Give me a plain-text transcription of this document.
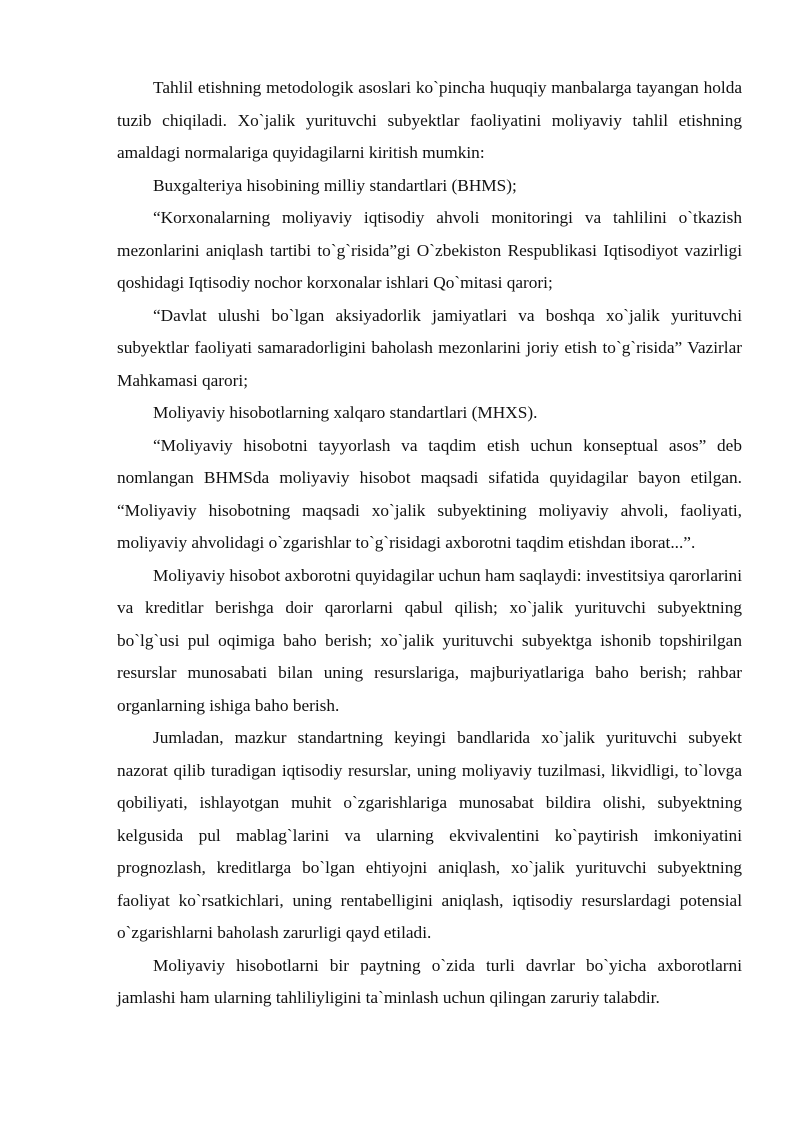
Tahlil etishning metodologik asoslari ko`pincha huquqiy manbalarga tayangan holda tuzib chiqiladi. Xo`jalik yurituvchi subyektlar faoliyatini moliyaviy tahlil etishning amaldagi normalariga quyidagilarni kiritish mumkin:

Buxgalteriya hisobining milliy standartlari (BHMS);

“Korxonalarning moliyaviy iqtisodiy ahvoli monitoringi va tahlilini o`tkazish mezonlarini aniqlash tartibi to`g`risida”gi O`zbekiston Respublikasi Iqtisodiyot vazirligi qoshidagi Iqtisodiy nochor korxonalar ishlari Qo`mitasi qarori;

“Davlat ulushi bo`lgan aksiyadorlik jamiyatlari va boshqa xo`jalik yurituvchi subyektlar faoliyati samaradorligini baholash mezonlarini joriy etish to`g`risida” Vazirlar Mahkamasi qarori;

Moliyaviy hisobotlarning xalqaro standartlari (MHXS).

“Moliyaviy hisobotni tayyorlash va taqdim etish uchun konseptual asos” deb nomlangan BHMSda moliyaviy hisobot maqsadi sifatida quyidagilar bayon etilgan. “Moliyaviy hisobotning maqsadi xo`jalik subyektining moliyaviy ahvoli, faoliyati, moliyaviy ahvolidagi o`zgarishlar to`g`risidagi axborotni taqdim etishdan iborat...”.

Moliyaviy hisobot axborotni quyidagilar uchun ham saqlaydi: investitsiya qarorlarini va kreditlar berishga doir qarorlarni qabul qilish; xo`jalik yurituvchi subyektning bo`lg`usi pul oqimiga baho berish; xo`jalik yurituvchi subyektga ishonib topshirilgan resurslar munosabati bilan uning resurslariga, majburiyatlariga baho berish; rahbar organlarning ishiga baho berish.

Jumladan, mazkur standartning keyingi bandlarida xo`jalik yurituvchi subyekt nazorat qilib turadigan iqtisodiy resurslar, uning moliyaviy tuzilmasi, likvidligi, to`lovga qobiliyati, ishlayotgan muhit o`zgarishlariga munosabat bildira olishi, subyektning kelgusida pul mablag`larini va ularning ekvivalentini ko`paytirish imkoniyatini prognozlash, kreditlarga bo`lgan ehtiyojni aniqlash, xo`jalik yurituvchi subyektning faoliyat ko`rsatkichlari, uning rentabelligini aniqlash, iqtisodiy resurslardagi potensial o`zgarishlarni baholash zarurligi qayd etiladi.

Moliyaviy hisobotlarni bir paytning o`zida turli davrlar bo`yicha axborotlarni jamlashi ham ularning tahliliyligini ta`minlash uchun qilingan zaruriy talabdir.
